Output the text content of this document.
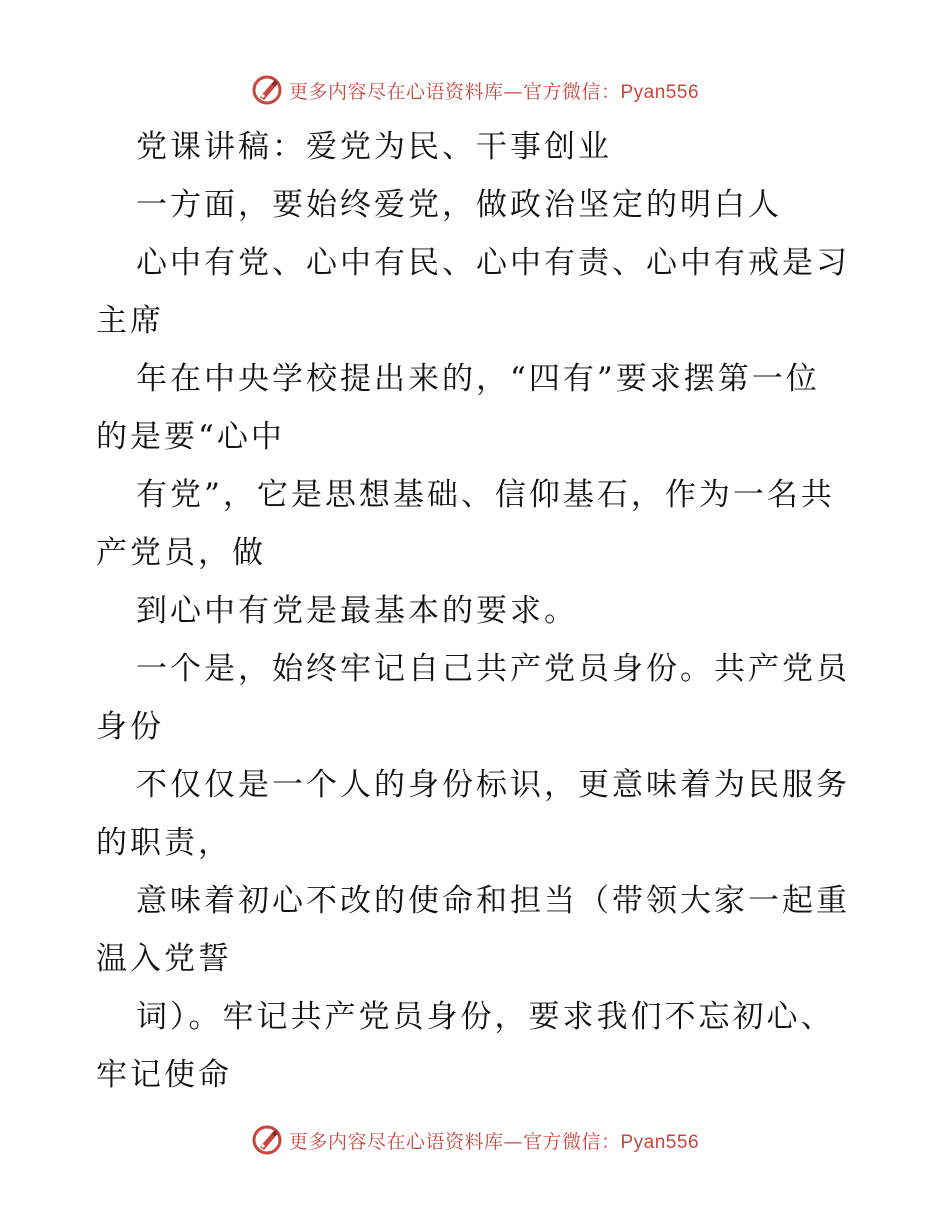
更多内容尽在心语资料库—官方微信：Pyan556

党课讲稿：爱党为民、干事创业

一方面，要始终爱党，做政治坚定的明白人

心中有党、心中有民、心中有责、心中有戒是习

主席

年在中央学校提出来的，“四有”要求摆第一位

的是要“心中

有党”，它是思想基础、信仰基石，作为一名共

产党员，做

到心中有党是最基本的要求。

一个是，始终牢记自己共产党员身份。共产党员

身份

不仅仅是一个人的身份标识，更意味着为民服务

的职责，

意味着初心不改的使命和担当（带领大家一起重

温入党誓

词）。牢记共产党员身份，要求我们不忘初心、

牢记使命

更多内容尽在心语资料库—官方微信：Pyan556
